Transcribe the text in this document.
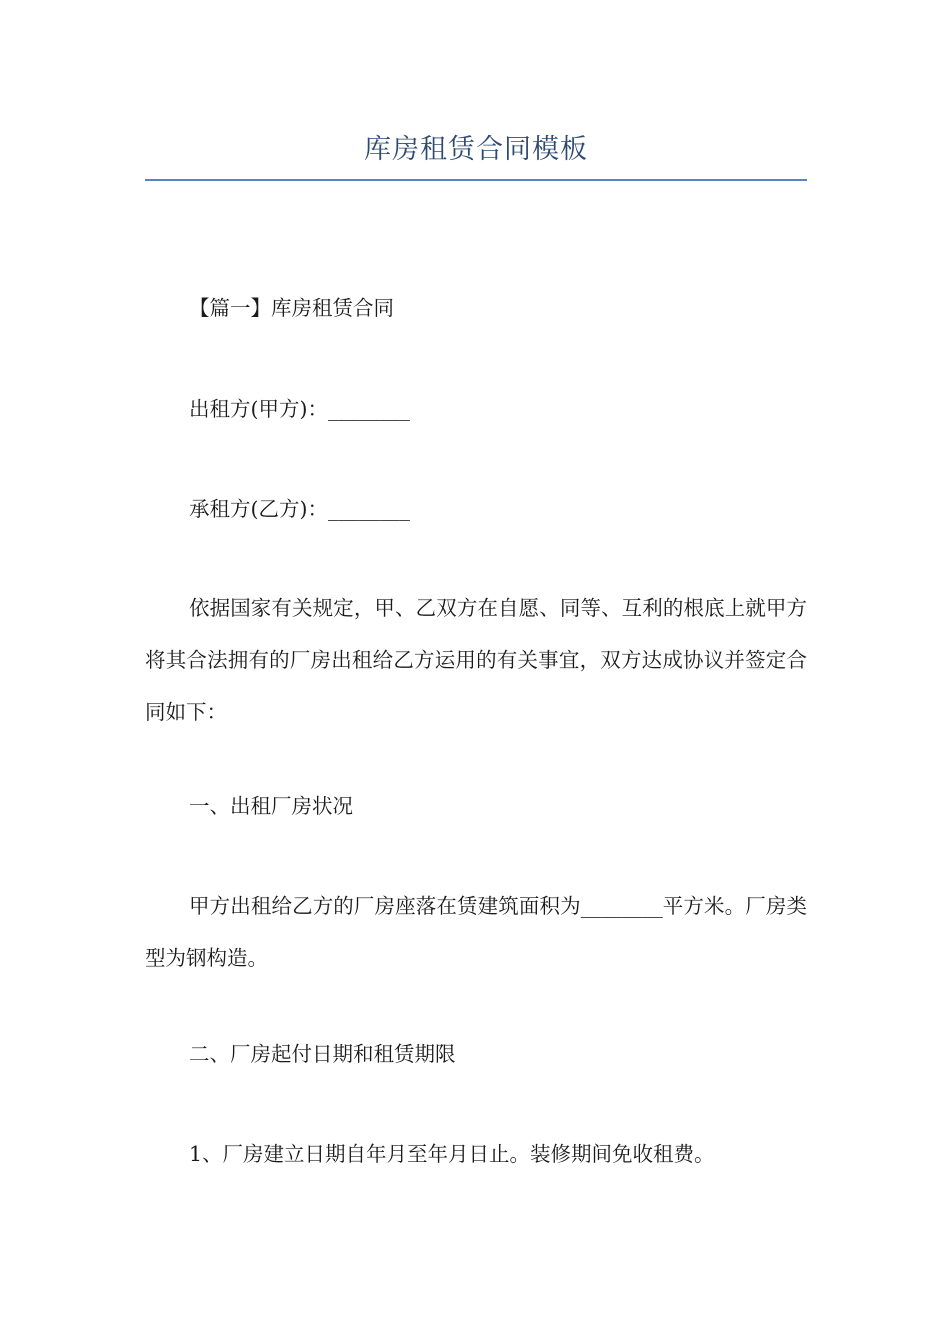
库房租赁合同模板

【篇一】库房租赁合同

出租方(甲方)：________

承租方(乙方)：________

依据国家有关规定，甲、乙双方在自愿、同等、互利的根底上就甲方将其合法拥有的厂房出租给乙方运用的有关事宜，双方达成协议并签定合同如下：

一、出租厂房状况

甲方出租给乙方的厂房座落在赁建筑面积为________平方米。厂房类型为钢构造。

二、厂房起付日期和租赁期限

1、厂房建立日期自年月至年月日止。装修期间免收租费。
